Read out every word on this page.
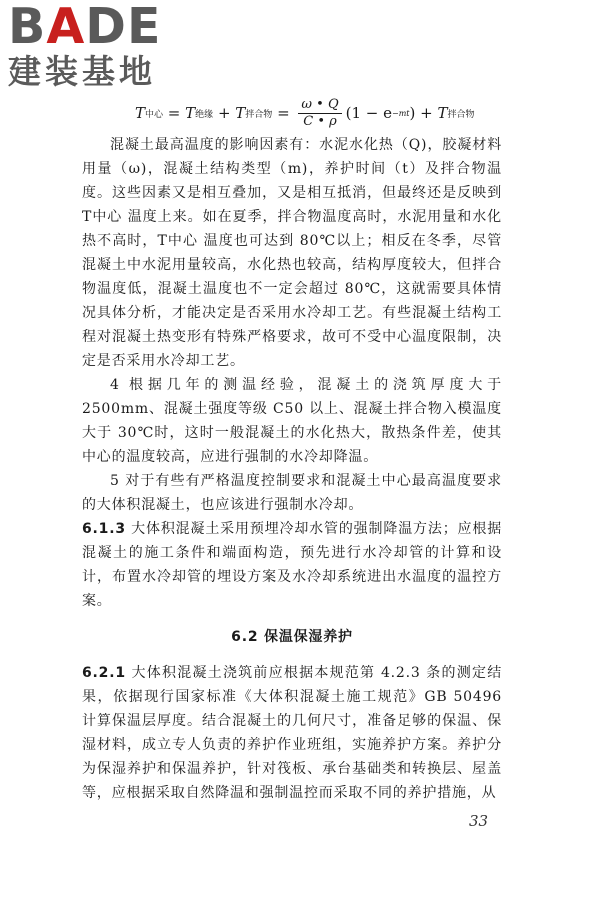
BADE
建装基地
T 中心 = T 绝缘 + T 拌合物 = $\frac{\omega • Q}{C • \rho} (1 - e -mt$ ) + T 拌合物

混凝土最高温度的影响因素有：水泥水化热（Q)，胶凝材料用量（ω)，混凝土结构类型（m)，养护时间（t）及拌合物温度。这些因素又是相互叠加，又是相互抵消，但最终还是反映到T中心 温度上来。如在夏季，拌合物温度高时，水泥用量和水化热不高时，T中心 温度也可达到 80℃以上；相反在冬季，尽管混凝土中水泥用量较高，水化热也较高，结构厚度较大，但拌合物温度低，混凝土温度也不一定会超过 80℃，这就需要具体情况具体分析，才能决定是否采用水冷却工艺。有些混凝土结构工程对混凝土热变形有特殊严格要求，故可不受中心温度限制，决定是否采用水冷却工艺。

4 根据几年的测温经验，混凝土的浇筑厚度大于 2500mm、混凝土强度等级 C50 以上、混凝土拌合物入模温度大于 30℃时，这时一般混凝土的水化热大，散热条件差，使其中心的温度较高，应进行强制的水冷却降温。

5 对于有些有严格温度控制要求和混凝土中心最高温度要求的大体积混凝土，也应该进行强制水冷却。

6.1.3 大体积混凝土采用预埋冷却水管的强制降温方法；应根据混凝土的施工条件和端面构造，预先进行水冷却管的计算和设计，布置水冷却管的埋设方案及水冷却系统进出水温度的温控方案。

6.2 保温保湿养护

6.2.1 大体积混凝土浇筑前应根据本规范第 4.2.3 条的测定结果，依据现行国家标准《大体积混凝土施工规范》GB 50496 计算保温层厚度。结合混凝土的几何尺寸，准备足够的保温、保湿材料，成立专人负责的养护作业班组，实施养护方案。养护分为保湿养护和保温养护，针对筏板、承台基础类和转换层、屋盖等，应根据采取自然降温和强制温控而采取不同的养护措施，从

33
